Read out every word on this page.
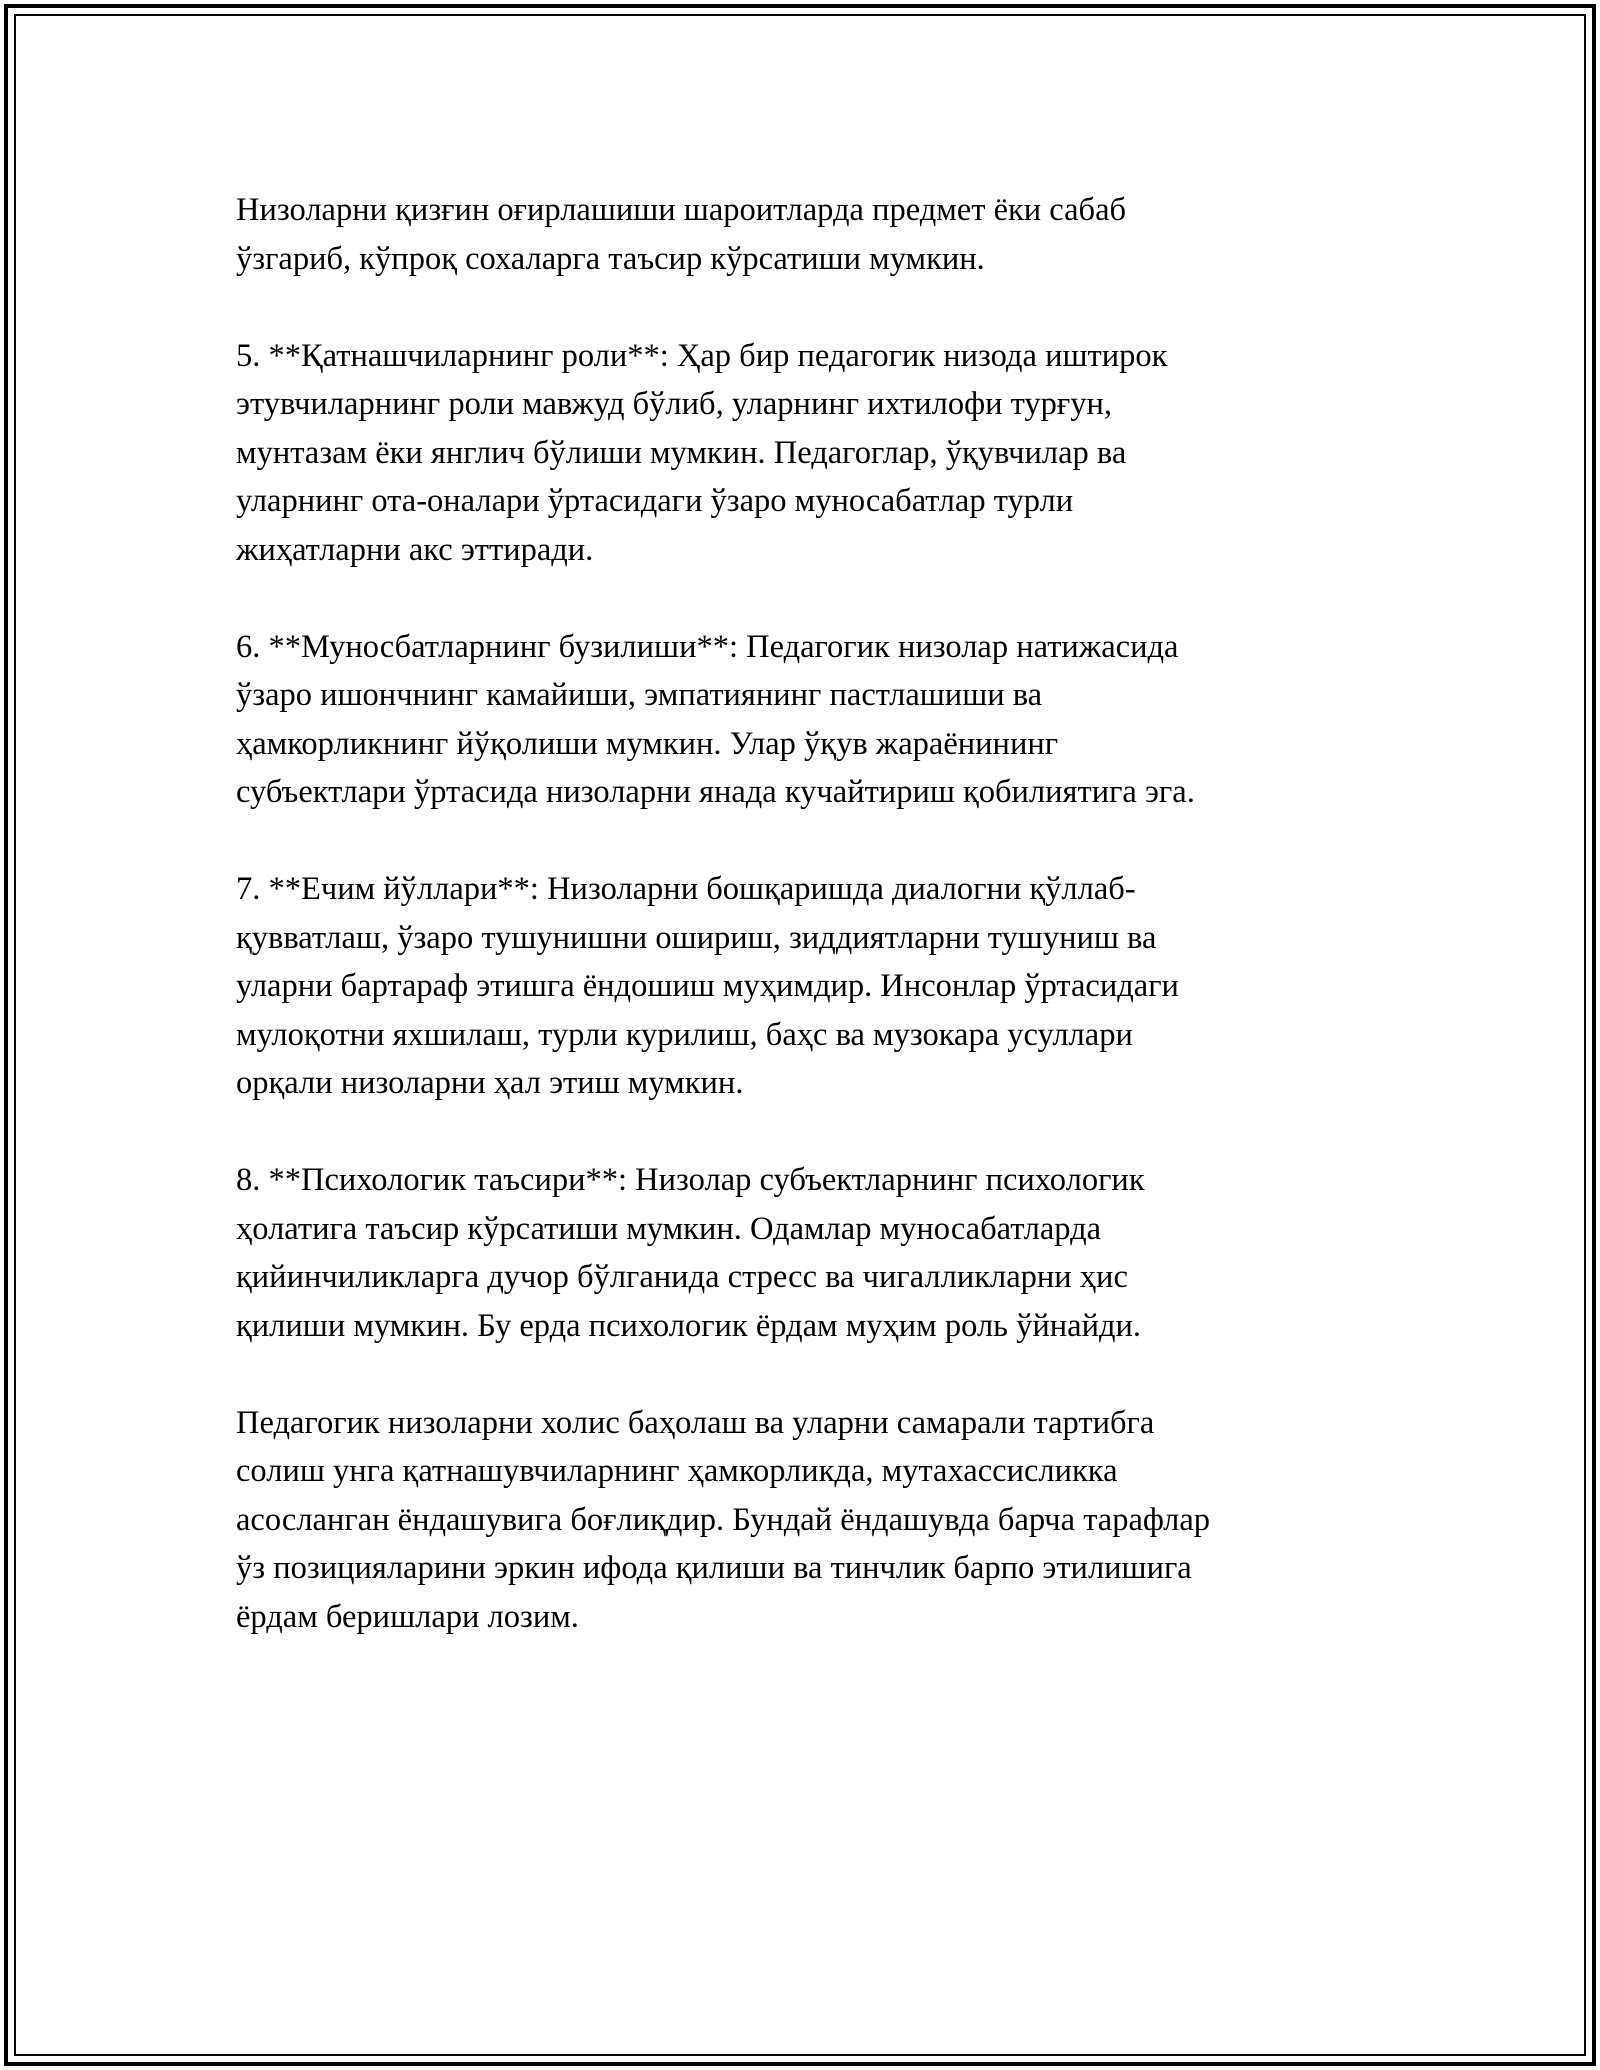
Низоларни қизғин оғирлашиши шароитларда предмет ёки сабаб
ўзгариб, кўпроқ сохаларга таъсир кўрсатиши мумкин.

5. **Қатнашчиларнинг роли**: Ҳар бир педагогик низода иштирок
этувчиларнинг роли мавжуд бўлиб, уларнинг ихтилофи турғун,
мунтазам ёки янглич бўлиши мумкин. Педагоглар, ўқувчилар ва
уларнинг ота-оналари ўртасидаги ўзаро муносабатлар турли
жиҳатларни акс эттиради.

6. **Муносбатларнинг бузилиши**: Педагогик низолар натижасида
ўзаро ишончнинг камайиши, эмпатиянинг пастлашиши ва
ҳамкорликнинг йўқолиши мумкин. Улар ўқув жараёнининг
субъектлари ўртасида низоларни янада кучайтириш қобилиятига эга.

7. **Ечим йўллари**: Низоларни бошқаришда диалогни қўллаб-
қувватлаш, ўзаро тушунишни ошириш, зиддиятларни тушуниш ва
уларни бартараф этишга ёндошиш муҳимдир. Инсонлар ўртасидаги
мулоқотни яхшилаш, турли курилиш, баҳс ва музокара усуллари
орқали низоларни ҳал этиш мумкин.

8. **Психологик таъсири**: Низолар субъектларнинг психологик
ҳолатига таъсир кўрсатиши мумкин. Одамлар муносабатларда
қийинчиликларга дучор бўлганида стресс ва чигалликларни ҳис
қилиши мумкин. Бу ерда психологик ёрдам муҳим роль ўйнайди.

Педагогик низоларни холис баҳолаш ва уларни самарали тартибга
солиш унга қатнашувчиларнинг ҳамкорликда, мутахассисликка
асосланган ёндашувига боғлиқдир. Бундай ёндашувда барча тарафлар
ўз позицияларини эркин ифода қилиши ва тинчлик барпо этилишига
ёрдам беришлари лозим.
